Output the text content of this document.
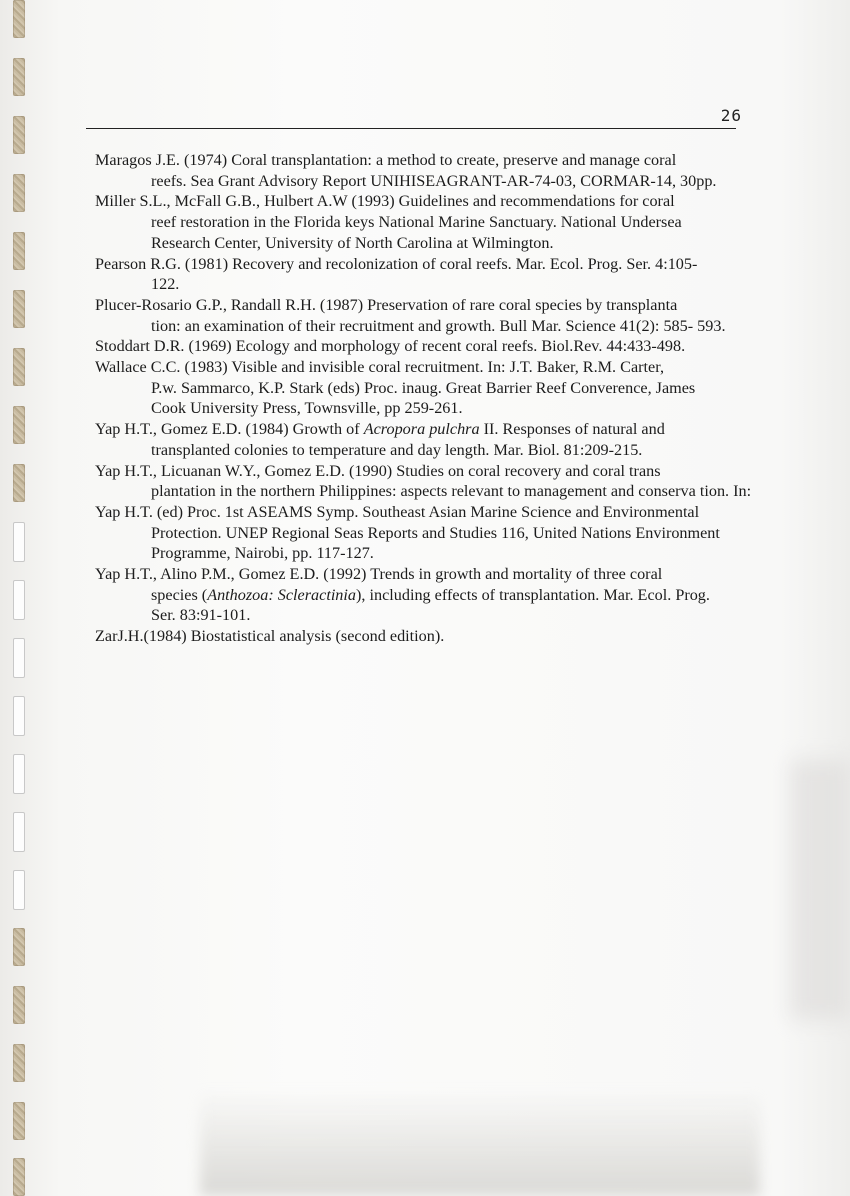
26

Maragos J.E. (1974) Coral transplantation: a method to create, preserve and manage coral
reefs. Sea Grant Advisory Report UNIHISEAGRANT-AR-74-03, CORMAR-14, 30pp.

Miller S.L., McFall G.B., Hulbert A.W (1993) Guidelines and recommendations for coral
reef restoration in the Florida keys National Marine Sanctuary. National Undersea
Research Center, University of North Carolina at Wilmington.

Pearson R.G. (1981) Recovery and recolonization of coral reefs. Mar. Ecol. Prog. Ser. 4:105-
122.

Plucer-Rosario G.P., Randall R.H. (1987) Preservation of rare coral species by transplanta
tion: an examination of their recruitment and growth. Bull Mar. Science 41(2): 585- 593.

Stoddart D.R. (1969) Ecology and morphology of recent coral reefs. Biol.Rev. 44:433-498.

Wallace C.C. (1983) Visible and invisible coral recruitment. In: J.T. Baker, R.M. Carter,
P.w. Sammarco, K.P. Stark (eds) Proc. inaug. Great Barrier Reef Converence, James
Cook University Press, Townsville, pp 259-261.

Yap H.T., Gomez E.D. (1984) Growth of Acropora pulchra II. Responses of natural and
transplanted colonies to temperature and day length. Mar. Biol. 81:209-215.

Yap H.T., Licuanan W.Y., Gomez E.D. (1990) Studies on coral recovery and coral trans
plantation in the northern Philippines: aspects relevant to management and conserva tion. In:

Yap H.T. (ed) Proc. 1st ASEAMS Symp. Southeast Asian Marine Science and Environmental
Protection. UNEP Regional Seas Reports and Studies 116, United Nations Environment
Programme, Nairobi, pp. 117-127.

Yap H.T., Alino P.M., Gomez E.D. (1992) Trends in growth and mortality of three coral
species (Anthozoa: Scleractinia), including effects of transplantation. Mar. Ecol. Prog.
Ser. 83:91-101.

ZarJ.H.(1984) Biostatistical analysis (second edition).
